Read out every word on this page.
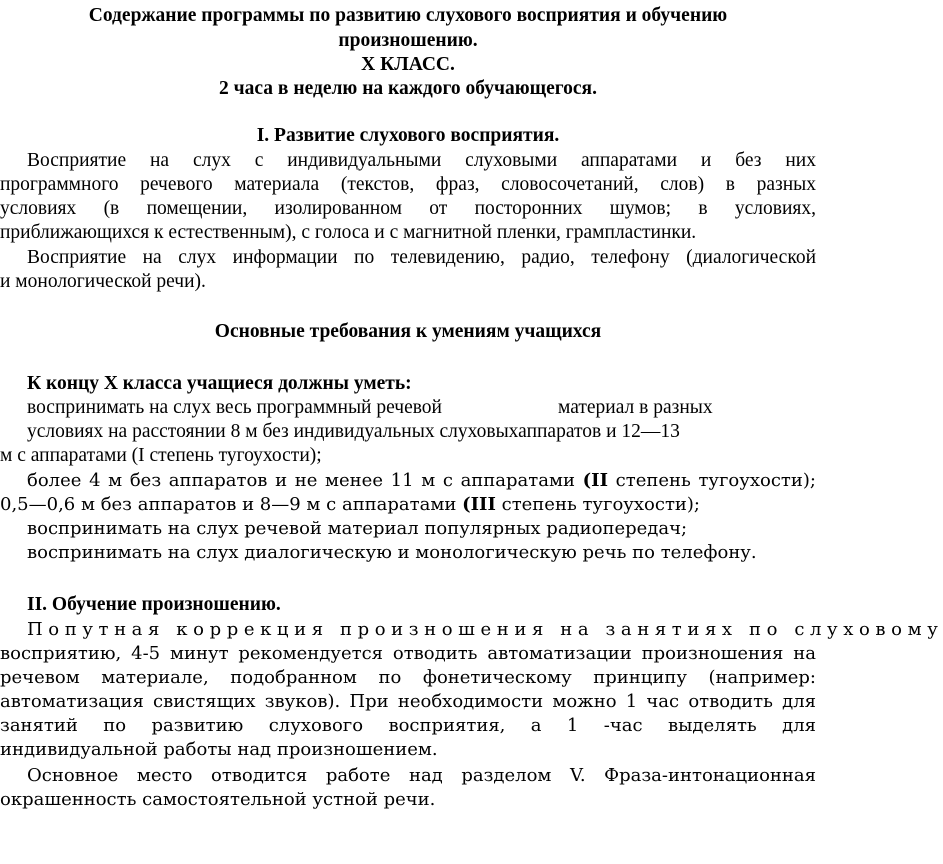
Содержание программы по развитию слухового восприятия и обучению
произношению.
X КЛАСС.
2 часа в неделю на каждого обучающегося.
I. Развитие слухового восприятия.
Восприятие на слух с индивидуальными слуховыми аппаратами и без них
программного речевого материала (текстов, фраз, словосочетаний, слов) в разных
условиях (в помещении, изолированном от посторонних шумов; в условиях,
приближающихся к естественным), с голоса и с магнитной пленки, грампластинки.
Восприятие на слух информации по телевидению, радио, телефону (диалогической
и монологической речи).
Основные требования к умениям учащихся
К концу X класса учащиеся должны уметь:
воспринимать на слух весь программный речевой	материал в разных
условиях на расстоянии 8 м без индивидуальных слуховыхаппаратов и 12—13
м с аппаратами (I степень тугоухости);
более 4 м без аппаратов и не менее 11 м с аппаратами (II степень тугоухости);
0,5—0,6 м без аппаратов и 8—9 м с аппаратами (III степень тугоухости);
воспринимать на слух речевой материал популярных радиопередач;
воспринимать на слух диалогическую и монологическую речь по телефону.
II. Обучение произношению.
Попутная коррекция произношения на занятиях по слуховому
восприятию, 4-5 минут рекомендуется отводить автоматизации произношения на
речевом материале, подобранном по фонетическому принципу (например:
автоматизация свистящих звуков). При необходимости можно 1 час отводить для
занятий по развитию слухового восприятия, а 1 -час выделять для
индивидуальной работы над произношением.
Основное место отводится работе над разделом V. Фраза-интонационная
окрашенность самостоятельной устной речи.
